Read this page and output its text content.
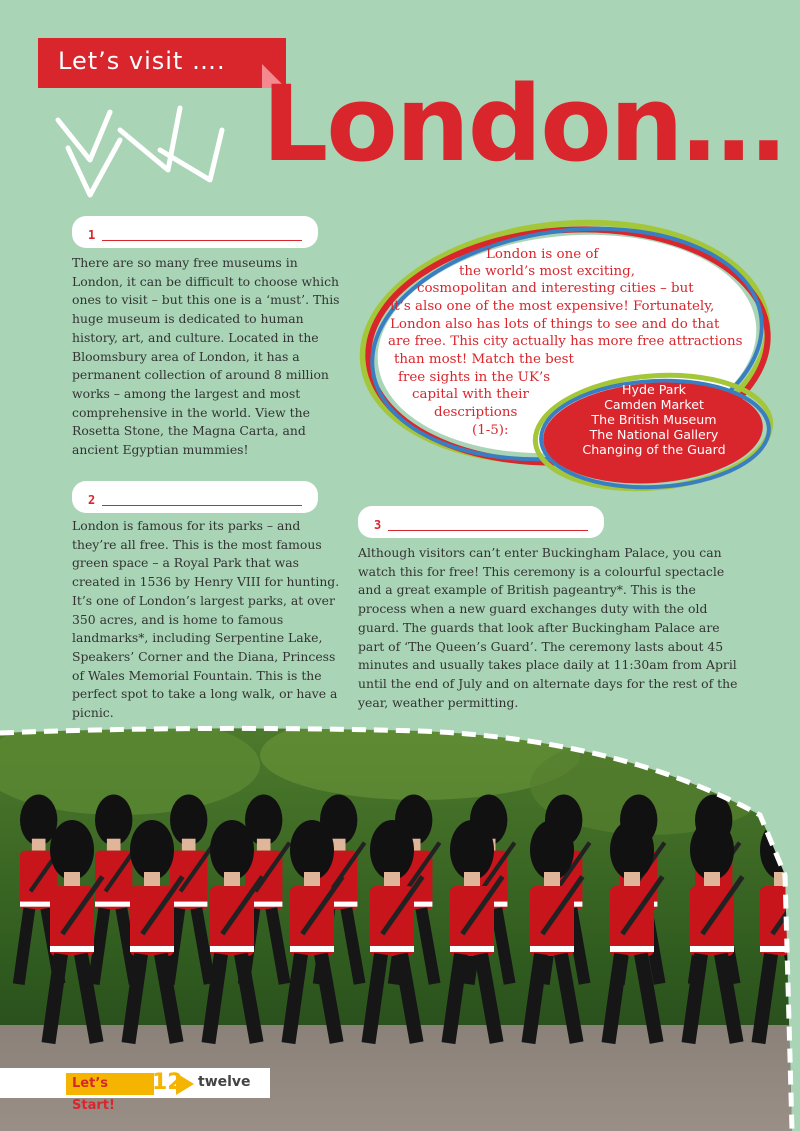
Let’s visit ….
London…
1
2
3
There are so many free museums in London, it can be difficult to choose which ones to visit – but this one is a ‘must’. This huge museum is dedicated to human history, art, and culture. Located in the Bloomsbury area of London, it has a permanent collection of around 8 million works – among the largest and most comprehensive in the world. View the Rosetta Stone, the Magna Carta, and ancient Egyptian mummies!
London is famous for its parks – and they’re all free. This is the most famous green space – a Royal Park that was created in 1536 by Henry VIII for hunting. It’s one of London’s largest parks, at over 350 acres, and is home to famous landmarks*, including Serpentine Lake, Speakers’ Corner and the Diana, Princess of Wales Memorial Fountain. This is the perfect spot to take a long walk, or have a picnic.
Although visitors can’t enter Buckingham Palace, you can watch this for free! This ceremony is a colourful spectacle and a great example of British pageantry*. This is the process when a new guard exchanges duty with the old guard. The guards that look after Buckingham Palace are part of ‘The Queen’s Guard’. The ceremony lasts about 45 minutes and usually takes place daily at 11:30am from April until the end of July and on alternate days for the rest of the year, weather permitting.
London is one of
the world’s most exciting,
cosmopolitan and interesting cities – but
it’s also one of the most expensive! Fortunately,
London also has lots of things to see and do that
are free. This city actually has more free attractions
than most! Match the best
free sights in the UK’s
capital with their
descriptions
(1-5):
Hyde Park
Camden Market
The British Museum
The National Gallery
Changing of the Guard
Let’s Start!
12 twelve
